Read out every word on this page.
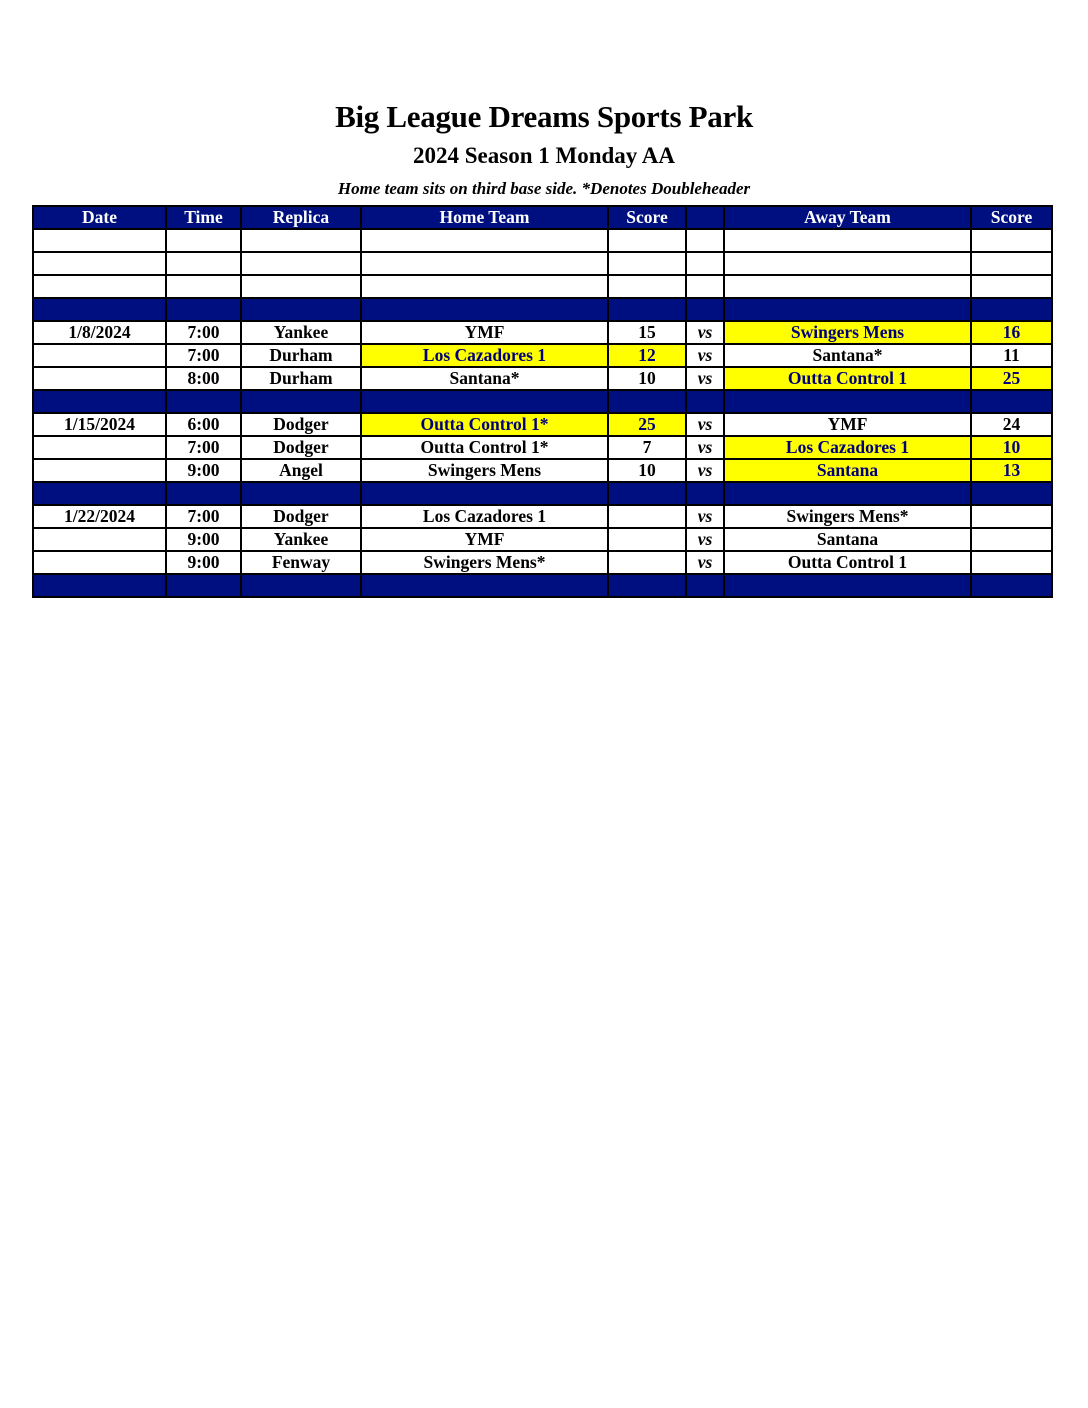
Big League Dreams Sports Park
2024 Season 1 Monday AA

Home team sits on third base side. *Denotes Doubleheader

Date	Time	Replica	Home Team	Score		Away Team	Score

1/8/2024	7:00	Yankee	YMF	15	vs	Swingers Mens	16
	7:00	Durham	Los Cazadores 1	12	vs	Santana*	11
	8:00	Durham	Santana*	10	vs	Outta Control 1	25

1/15/2024	6:00	Dodger	Outta Control 1*	25	vs	YMF	24
	7:00	Dodger	Outta Control 1*	7	vs	Los Cazadores 1	10
	9:00	Angel	Swingers Mens	10	vs	Santana	13

1/22/2024	7:00	Dodger	Los Cazadores 1		vs	Swingers Mens*	
	9:00	Yankee	YMF		vs	Santana	
	9:00	Fenway	Swingers Mens*		vs	Outta Control 1	
